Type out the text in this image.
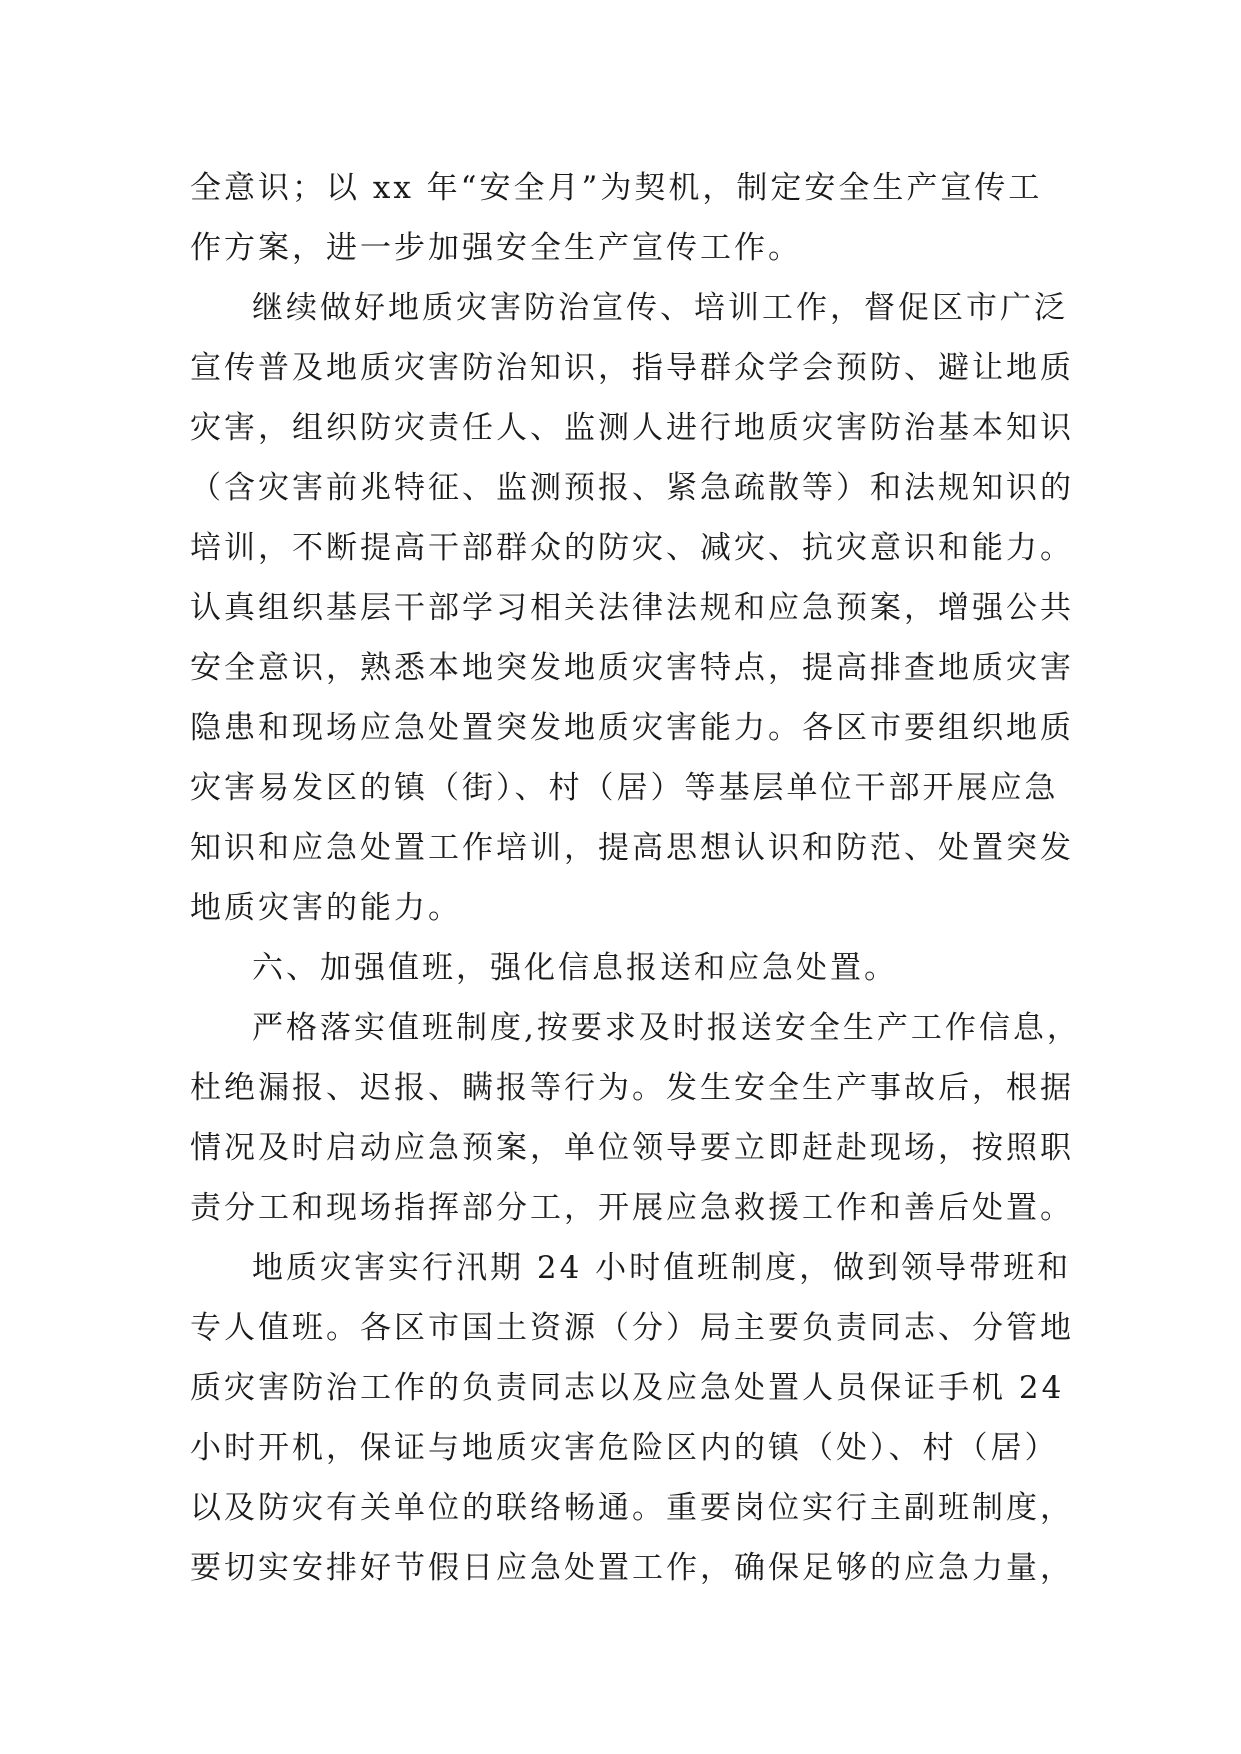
全意识；以 xx 年“安全月”为契机，制定安全生产宣传工
作方案，进一步加强安全生产宣传工作。
继续做好地质灾害防治宣传、培训工作，督促区市广泛
宣传普及地质灾害防治知识，指导群众学会预防、避让地质
灾害，组织防灾责任人、监测人进行地质灾害防治基本知识
（含灾害前兆特征、监测预报、紧急疏散等）和法规知识的
培训，不断提高干部群众的防灾、减灾、抗灾意识和能力。
认真组织基层干部学习相关法律法规和应急预案，增强公共
安全意识，熟悉本地突发地质灾害特点，提高排查地质灾害
隐患和现场应急处置突发地质灾害能力。各区市要组织地质
灾害易发区的镇（街）、村（居）等基层单位干部开展应急
知识和应急处置工作培训，提高思想认识和防范、处置突发
地质灾害的能力。
六、加强值班，强化信息报送和应急处置。
严格落实值班制度,按要求及时报送安全生产工作信息，
杜绝漏报、迟报、瞒报等行为。发生安全生产事故后，根据
情况及时启动应急预案，单位领导要立即赶赴现场，按照职
责分工和现场指挥部分工，开展应急救援工作和善后处置。
地质灾害实行汛期 24 小时值班制度，做到领导带班和
专人值班。各区市国土资源（分）局主要负责同志、分管地
质灾害防治工作的负责同志以及应急处置人员保证手机 24
小时开机，保证与地质灾害危险区内的镇（处）、村（居）
以及防灾有关单位的联络畅通。重要岗位实行主副班制度，
要切实安排好节假日应急处置工作，确保足够的应急力量，
